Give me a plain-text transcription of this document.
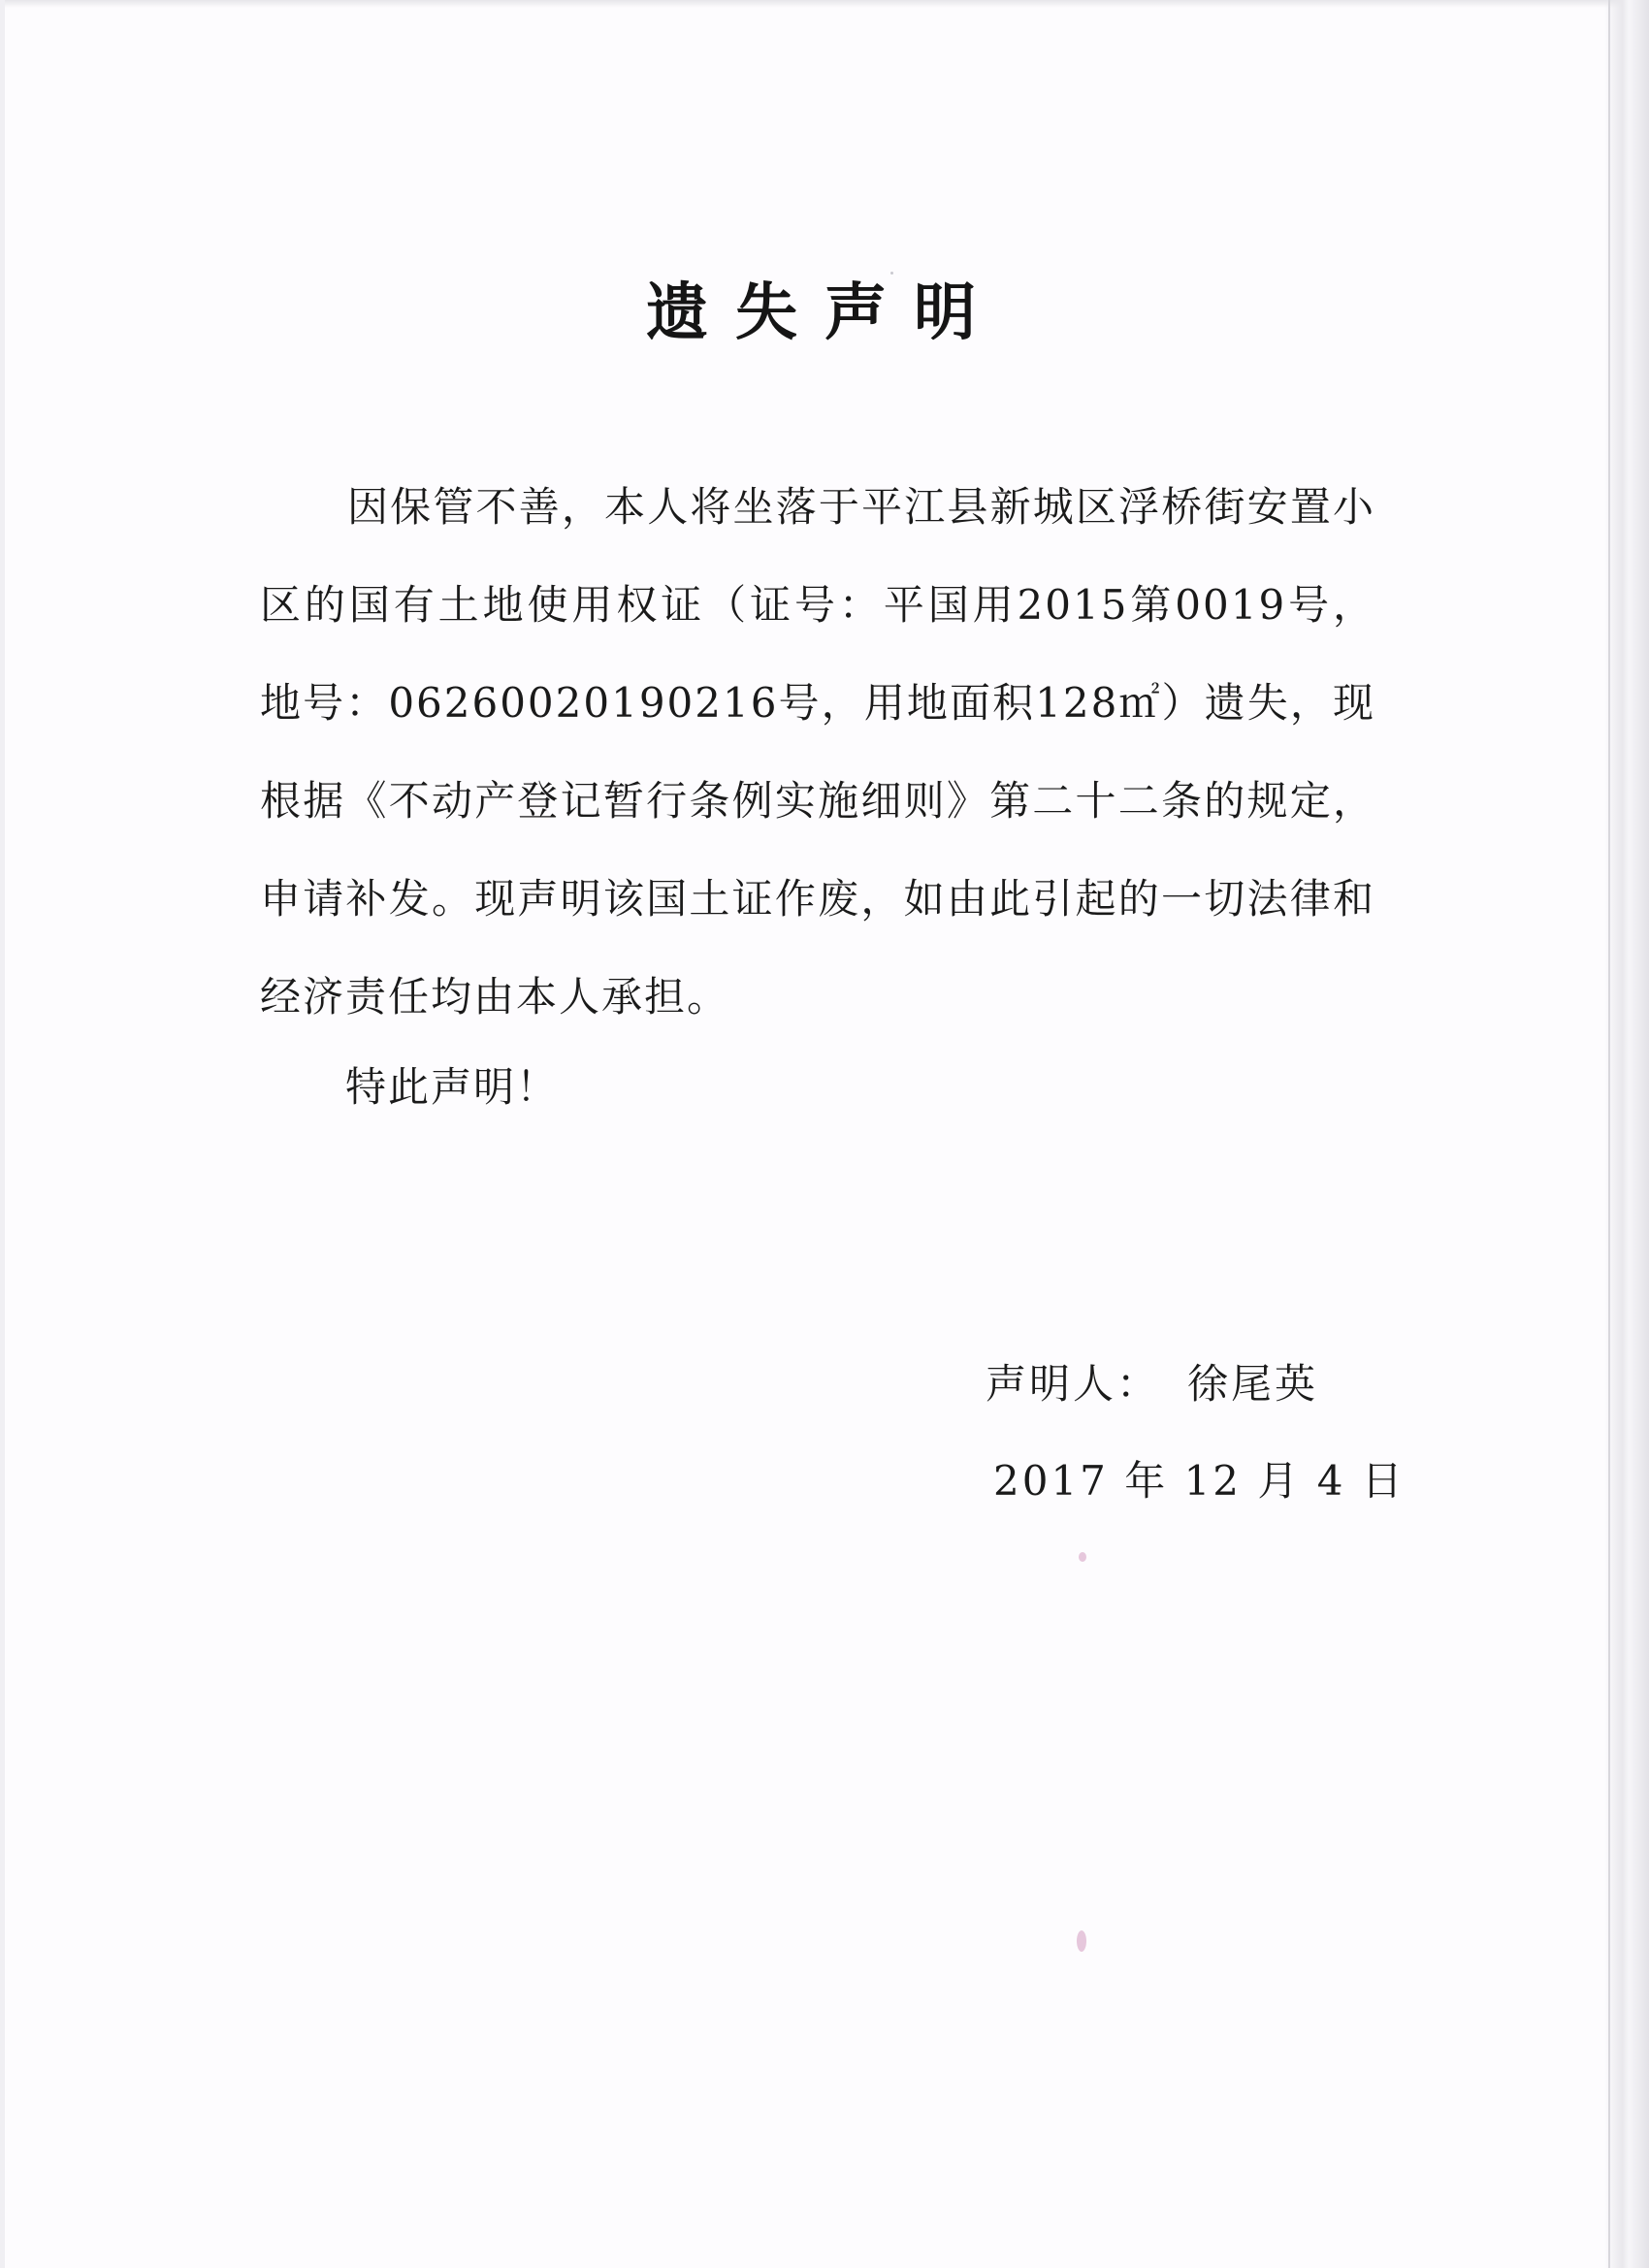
遗失声明

因保管不善，本人将坐落于平江县新城区浮桥街安置小区的国有土地使用权证（证号：平国用2015第0019号，地号：06260020190216号，用地面积128㎡）遗失，现根据《不动产登记暂行条例实施细则》第二十二条的规定，申请补发。现声明该国土证作废，如由此引起的一切法律和经济责任均由本人承担。

特此声明！
声明人： 徐尾英
2017 年 12 月 4 日
